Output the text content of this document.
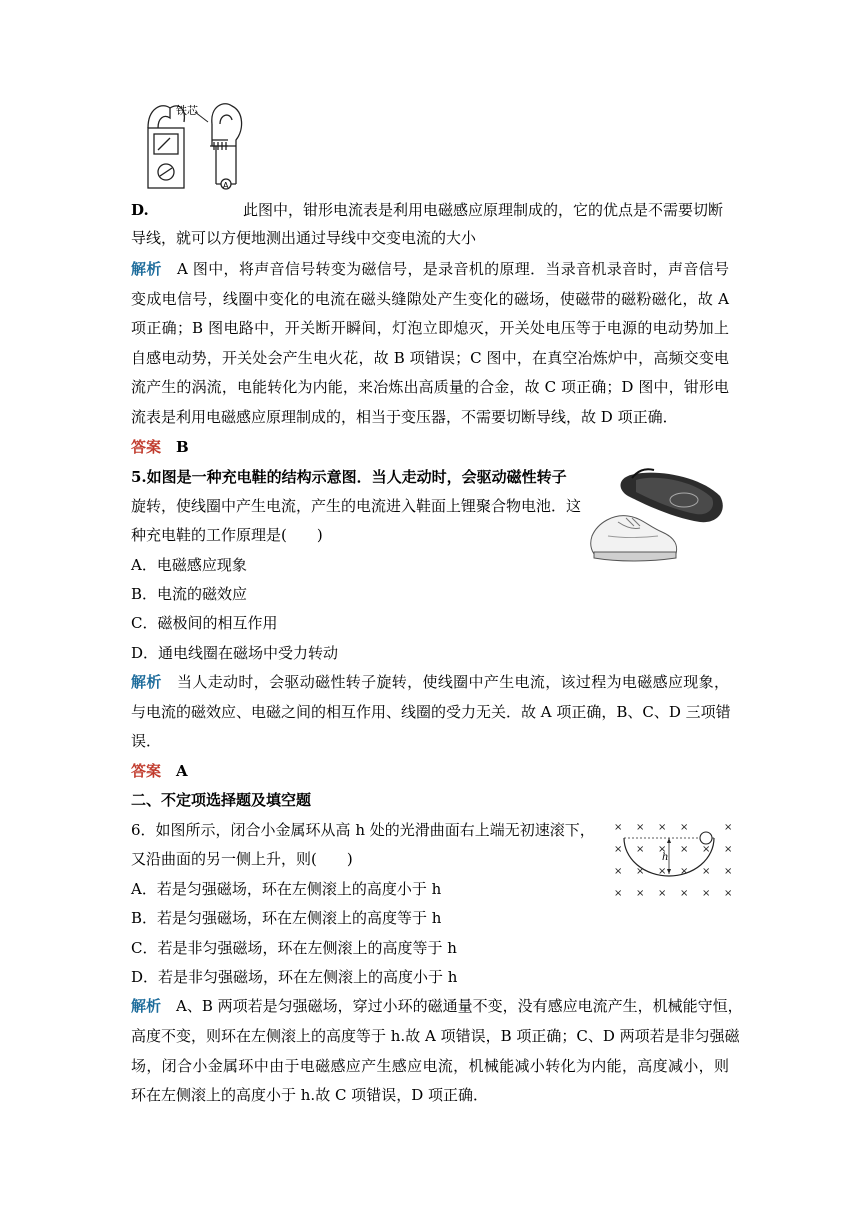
铁芯
A
D.	此图中，钳形电流表是利用电磁感应原理制成的，它的优点是不需要切断
导线，就可以方便地测出通过导线中交变电流的大小
解析　 A 图中，将声音信号转变为磁信号，是录音机的原理．当录音机录音时，声音信号
变成电信号，线圈中变化的电流在磁头缝隙处产生变化的磁场，使磁带的磁粉磁化，故 A
项正确；B 图电路中，开关断开瞬间，灯泡立即熄灭，开关处电压等于电源的电动势加上
自感电动势，开关处会产生电火花，故 B 项错误；C 图中，在真空冶炼炉中，高频交变电
流产生的涡流，电能转化为内能，来冶炼出高质量的合金，故 C 项正确；D 图中，钳形电
流表是利用电磁感应原理制成的，相当于变压器，不需要切断导线，故 D 项正确．
答案　 B
5.如图是一种充电鞋的结构示意图．当人走动时，会驱动磁性转子
旋转，使线圈中产生电流，产生的电流进入鞋面上锂聚合物电池．这
种充电鞋的工作原理是(　　)
A．电磁感应现象
B．电流的磁效应
C．磁极间的相互作用
D．通电线圈在磁场中受力转动
解析　 当人走动时，会驱动磁性转子旋转，使线圈中产生电流，该过程为电磁感应现象，
与电流的磁效应、电磁之间的相互作用、线圈的受力无关．故 A 项正确，B、C、D 三项错
误．
答案　 A
二、不定项选择题及填空题
6．如图所示，闭合小金属环从高 h 处的光滑曲面右上端无初速滚下，
又沿曲面的另一侧上升，则(　　)
× × × ×	×
× × × × × ×
× × × × × ×
× × × × × ×
h
A．若是匀强磁场，环在左侧滚上的高度小于 h
B．若是匀强磁场，环在左侧滚上的高度等于 h
C．若是非匀强磁场，环在左侧滚上的高度等于 h
D．若是非匀强磁场，环在左侧滚上的高度小于 h
解析　 A、B 两项若是匀强磁场，穿过小环的磁通量不变，没有感应电流产生，机械能守恒，
高度不变，则环在左侧滚上的高度等于 h.故 A 项错误，B 项正确；C、D 两项若是非匀强磁
场，闭合小金属环中由于电磁感应产生感应电流，机械能减小转化为内能，高度减小，则
环在左侧滚上的高度小于 h.故 C 项错误，D 项正确．
